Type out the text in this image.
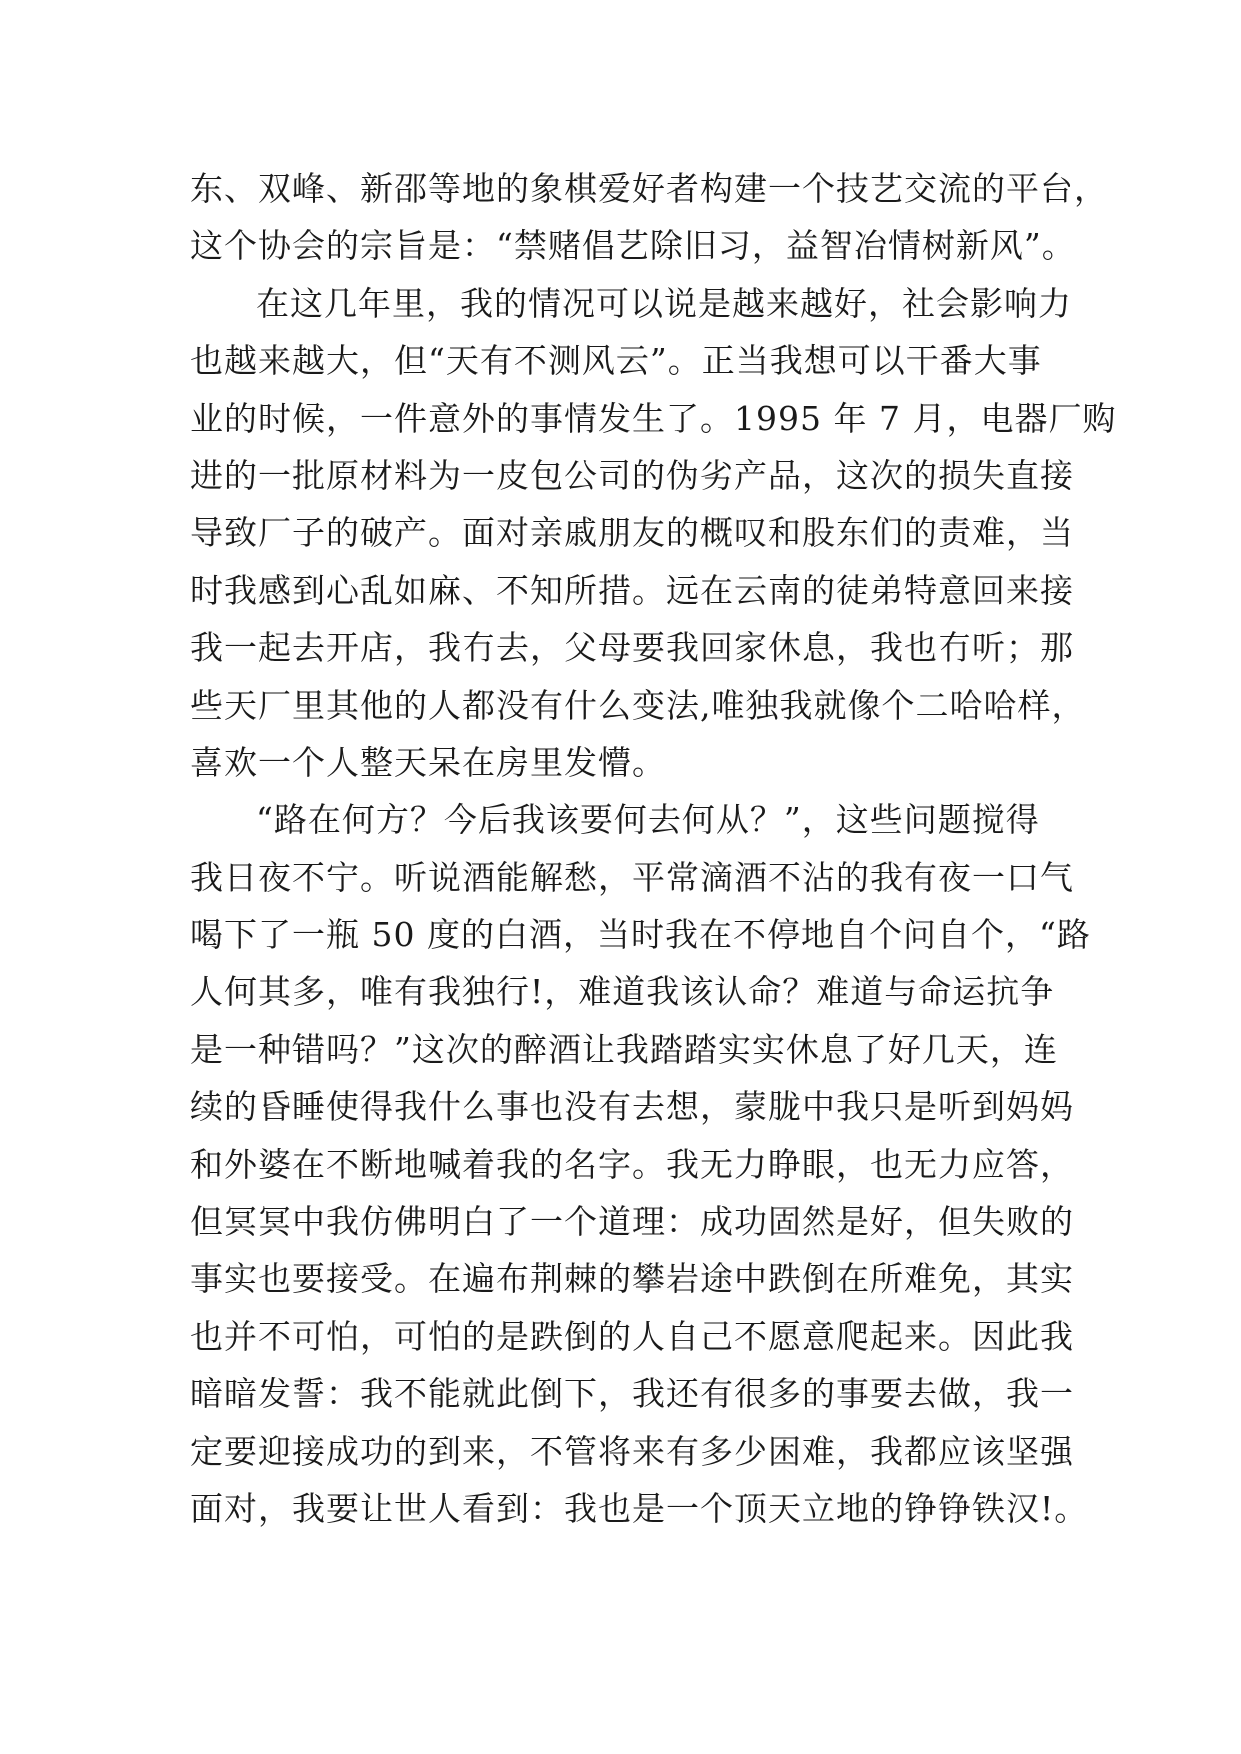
东、双峰、新邵等地的象棋爱好者构建一个技艺交流的平台，
这个协会的宗旨是：“禁赌倡艺除旧习，益智冶情树新风”。
在这几年里，我的情况可以说是越来越好，社会影响力
也越来越大，但“天有不测风云”。正当我想可以干番大事
业的时候，一件意外的事情发生了。1995 年 7 月，电器厂购
进的一批原材料为一皮包公司的伪劣产品，这次的损失直接
导致厂子的破产。面对亲戚朋友的概叹和股东们的责难，当
时我感到心乱如麻、不知所措。远在云南的徒弟特意回来接
我一起去开店，我冇去，父母要我回家休息，我也冇听；那
些天厂里其他的人都没有什么变法,唯独我就像个二哈哈样，
喜欢一个人整天呆在房里发懵。
“路在何方？今后我该要何去何从？”，这些问题搅得
我日夜不宁。听说酒能解愁，平常滴酒不沾的我有夜一口气
喝下了一瓶 50 度的白酒，当时我在不停地自个问自个，“路
人何其多，唯有我独行!，难道我该认命？难道与命运抗争
是一种错吗？”这次的醉酒让我踏踏实实休息了好几天，连
续的昏睡使得我什么事也没有去想，蒙胧中我只是听到妈妈
和外婆在不断地喊着我的名字。我无力睁眼，也无力应答，
但冥冥中我仿佛明白了一个道理：成功固然是好，但失败的
事实也要接受。在遍布荆棘的攀岩途中跌倒在所难免，其实
也并不可怕，可怕的是跌倒的人自己不愿意爬起来。因此我
暗暗发誓：我不能就此倒下，我还有很多的事要去做，我一
定要迎接成功的到来，不管将来有多少困难，我都应该坚强
面对，我要让世人看到：我也是一个顶天立地的铮铮铁汉!。
